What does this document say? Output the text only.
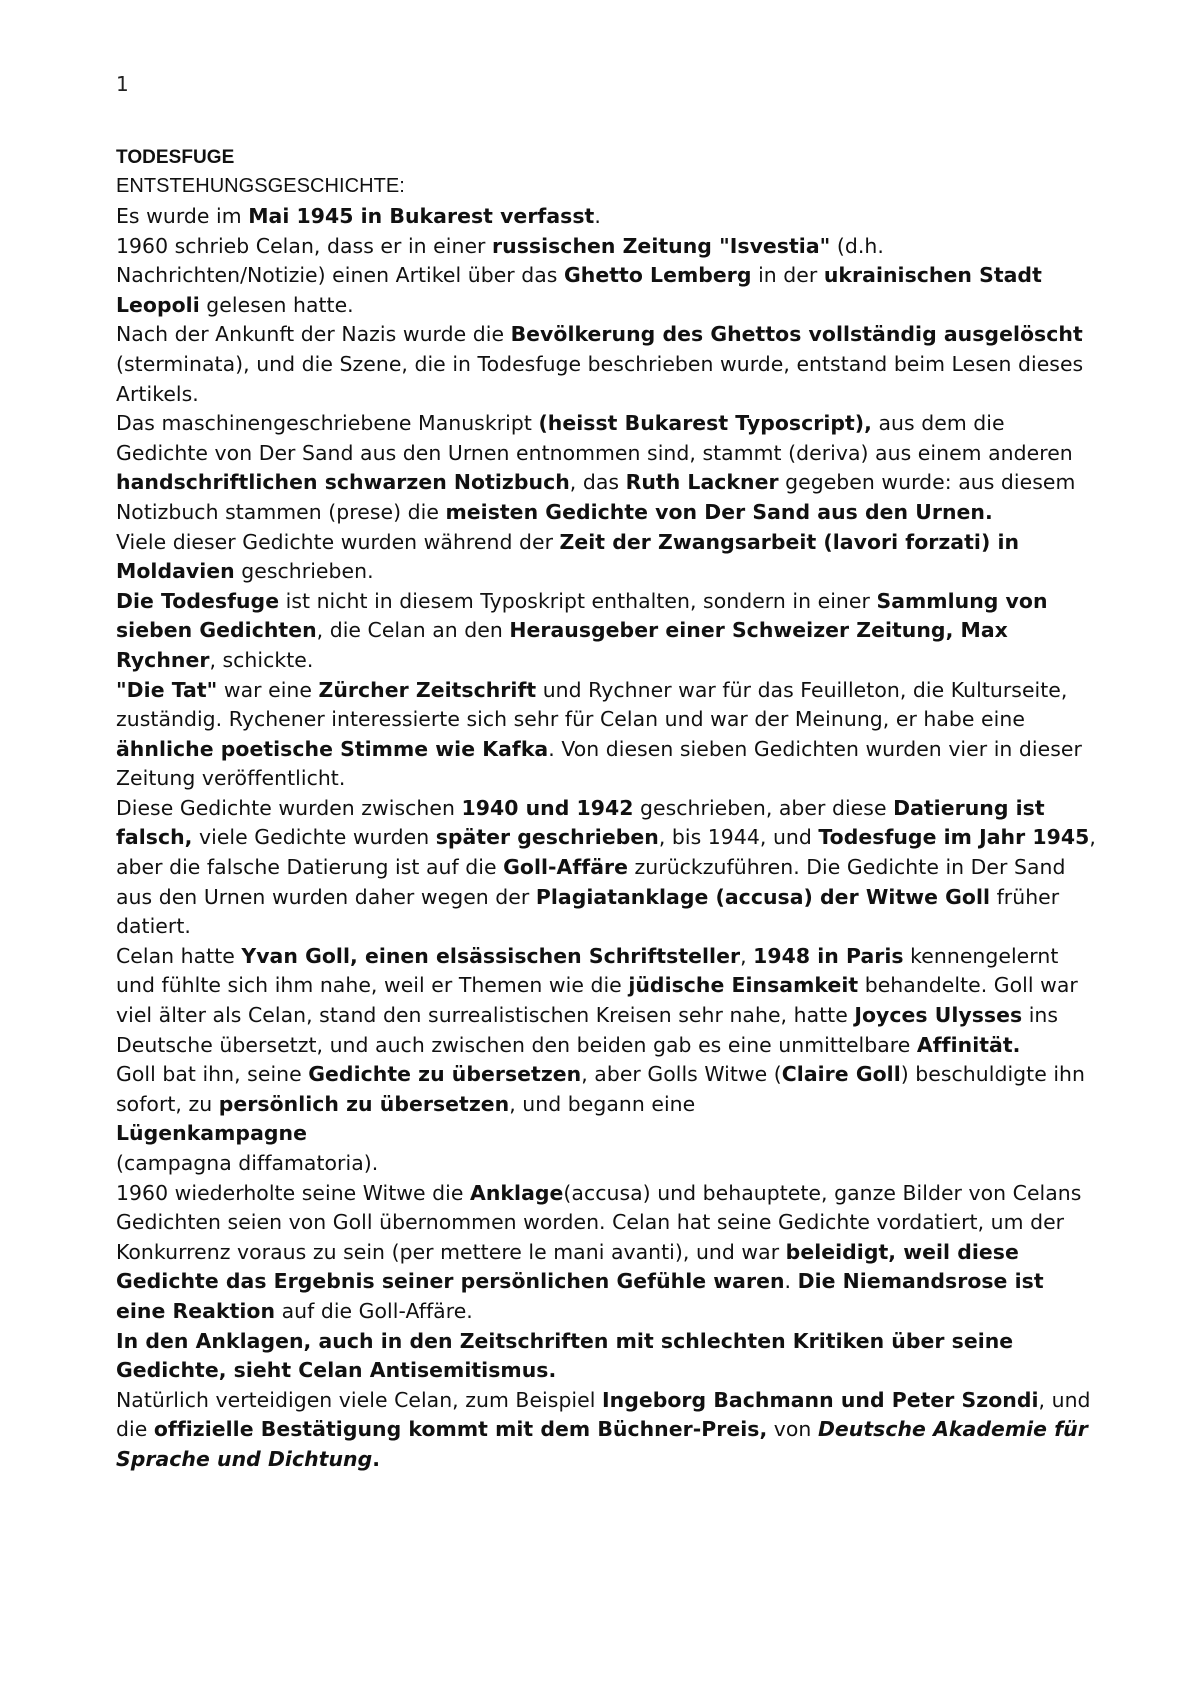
1

TODESFUGE

ENTSTEHUNGSGESCHICHTE:

Es wurde im Mai 1945 in Bukarest verfasst.

1960 schrieb Celan, dass er in einer russischen Zeitung "Isvestia" (d.h. Nachrichten/Notizie) einen Artikel über das Ghetto Lemberg in der ukrainischen Stadt Leopoli gelesen hatte.

Nach der Ankunft der Nazis wurde die Bevölkerung des Ghettos vollständig ausgelöscht (sterminata), und die Szene, die in Todesfuge beschrieben wurde, entstand beim Lesen dieses Artikels.

Das maschinengeschriebene Manuskript (heisst Bukarest Typoscript), aus dem die Gedichte von Der Sand aus den Urnen entnommen sind, stammt (deriva) aus einem anderen handschriftlichen schwarzen Notizbuch, das Ruth Lackner gegeben wurde: aus diesem Notizbuch stammen (prese) die meisten Gedichte von Der Sand aus den Urnen.

Viele dieser Gedichte wurden während der Zeit der Zwangsarbeit (lavori forzati) in Moldavien geschrieben.

Die Todesfuge ist nicht in diesem Typoskript enthalten, sondern in einer Sammlung von sieben Gedichten, die Celan an den Herausgeber einer Schweizer Zeitung, Max Rychner, schickte.

"Die Tat" war eine Zürcher Zeitschrift und Rychner war für das Feuilleton, die Kulturseite, zuständig. Rychener interessierte sich sehr für Celan und war der Meinung, er habe eine ähnliche poetische Stimme wie Kafka. Von diesen sieben Gedichten wurden vier in dieser Zeitung veröffentlicht.

Diese Gedichte wurden zwischen 1940 und 1942 geschrieben, aber diese Datierung ist falsch, viele Gedichte wurden später geschrieben, bis 1944, und Todesfuge im Jahr 1945, aber die falsche Datierung ist auf die Goll-Affäre zurückzuführen. Die Gedichte in Der Sand aus den Urnen wurden daher wegen der Plagiatanklage (accusa) der Witwe Goll früher datiert.

Celan hatte Yvan Goll, einen elsässischen Schriftsteller, 1948 in Paris kennengelernt und fühlte sich ihm nahe, weil er Themen wie die jüdische Einsamkeit behandelte. Goll war viel älter als Celan, stand den surrealistischen Kreisen sehr nahe, hatte Joyces Ulysses ins Deutsche übersetzt, und auch zwischen den beiden gab es eine unmittelbare Affinität.

Goll bat ihn, seine Gedichte zu übersetzen, aber Golls Witwe (Claire Goll) beschuldigte ihn sofort, zu persönlich zu übersetzen, und begann eine
Lügenkampagne

(campagna diffamatoria).

1960 wiederholte seine Witwe die Anklage(accusa) und behauptete, ganze Bilder von Celans Gedichten seien von Goll übernommen worden. Celan hat seine Gedichte vordatiert, um der Konkurrenz voraus zu sein (per mettere le mani avanti), und war beleidigt, weil diese Gedichte das Ergebnis seiner persönlichen Gefühle waren. Die Niemandsrose ist eine Reaktion auf die Goll-Affäre.

In den Anklagen, auch in den Zeitschriften mit schlechten Kritiken über seine Gedichte, sieht Celan Antisemitismus.

Natürlich verteidigen viele Celan, zum Beispiel Ingeborg Bachmann und Peter Szondi, und die offizielle Bestätigung kommt mit dem Büchner-Preis, von Deutsche Akademie für Sprache und Dichtung.
